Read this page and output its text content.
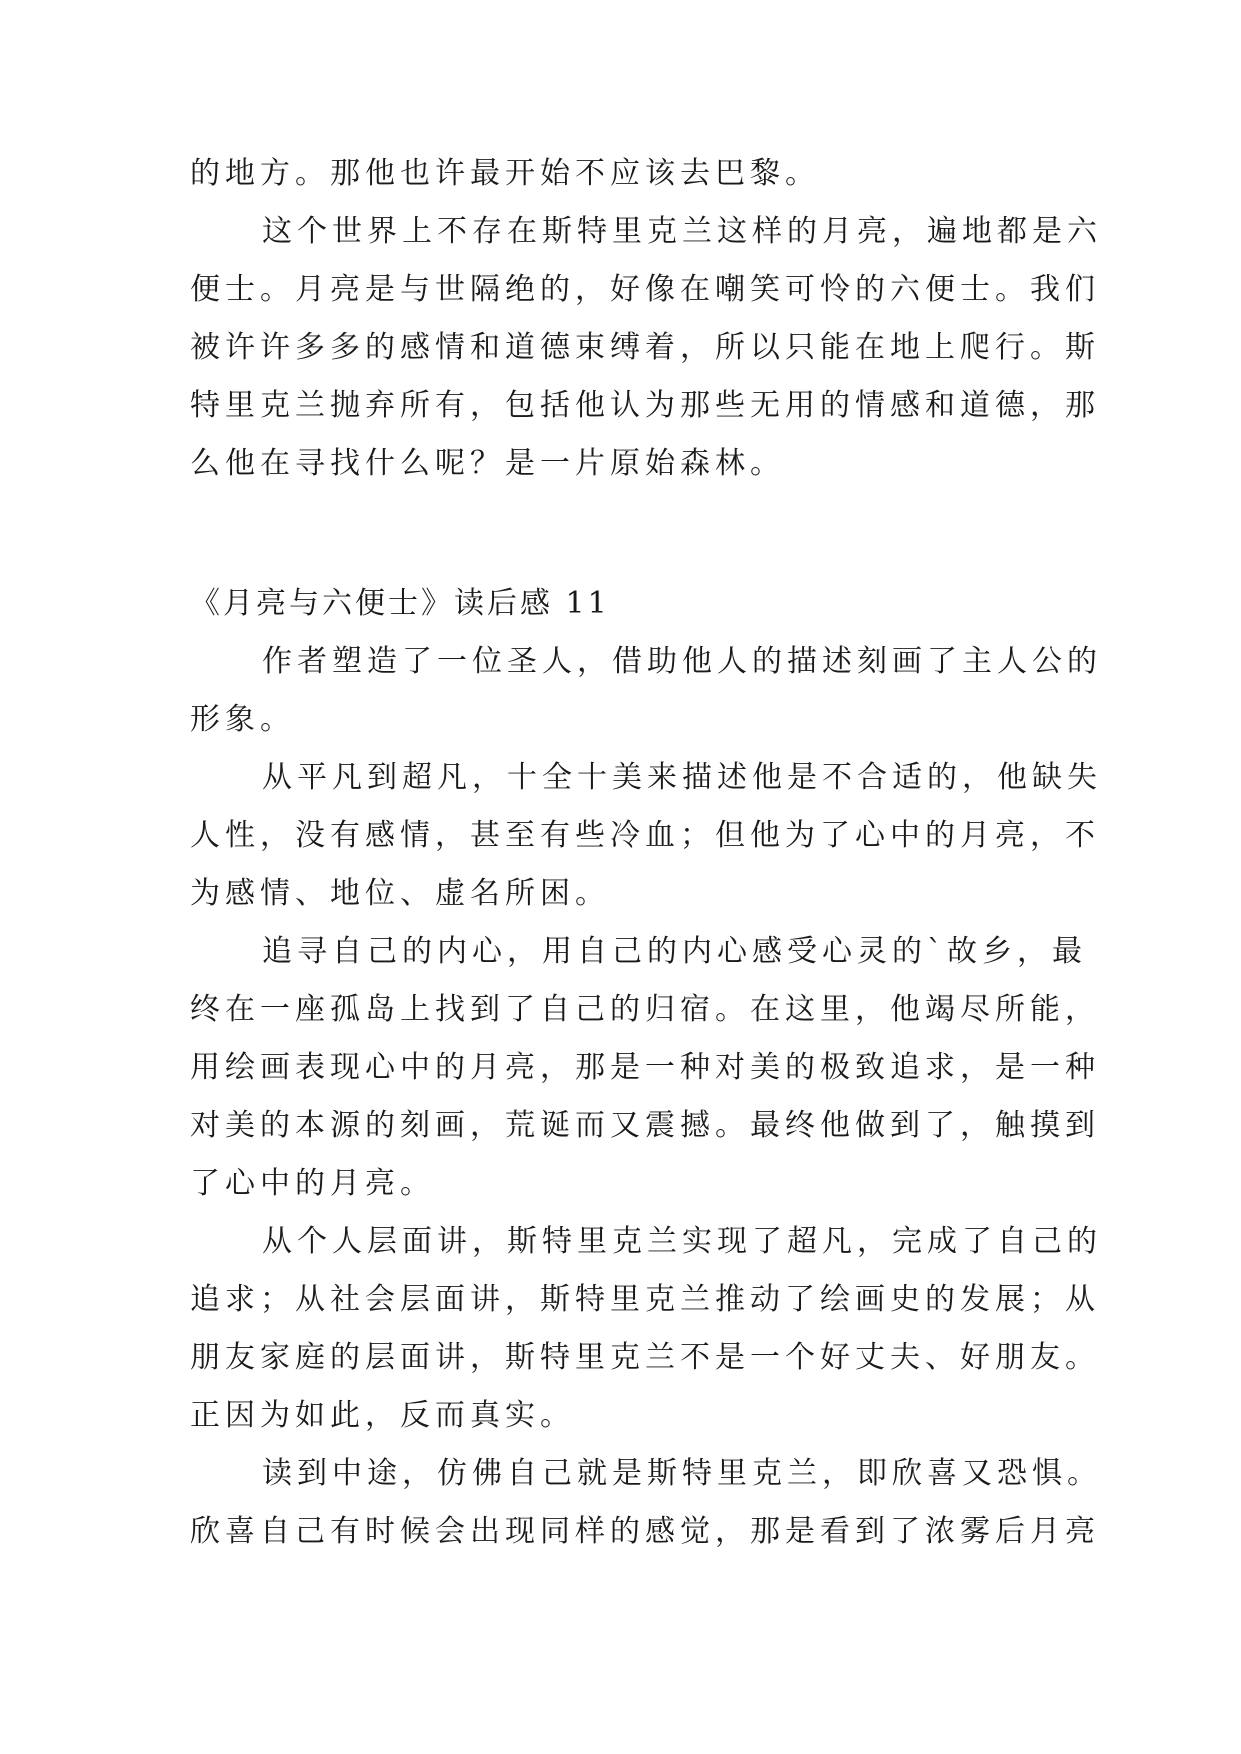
的地方。那他也许最开始不应该去巴黎。
这个世界上不存在斯特里克兰这样的月亮，遍地都是六
便士。月亮是与世隔绝的，好像在嘲笑可怜的六便士。我们
被许许多多的感情和道德束缚着，所以只能在地上爬行。斯
特里克兰抛弃所有，包括他认为那些无用的情感和道德，那
么他在寻找什么呢？是一片原始森林。
《月亮与六便士》读后感 11
作者塑造了一位圣人，借助他人的描述刻画了主人公的
形象。
从平凡到超凡，十全十美来描述他是不合适的，他缺失
人性，没有感情，甚至有些冷血；但他为了心中的月亮，不
为感情、地位、虚名所困。
追寻自己的内心，用自己的内心感受心灵的`故乡，最
终在一座孤岛上找到了自己的归宿。在这里，他竭尽所能，
用绘画表现心中的月亮，那是一种对美的极致追求，是一种
对美的本源的刻画，荒诞而又震撼。最终他做到了，触摸到
了心中的月亮。
从个人层面讲，斯特里克兰实现了超凡，完成了自己的
追求；从社会层面讲，斯特里克兰推动了绘画史的发展；从
朋友家庭的层面讲，斯特里克兰不是一个好丈夫、好朋友。
正因为如此，反而真实。
读到中途，仿佛自己就是斯特里克兰，即欣喜又恐惧。
欣喜自己有时候会出现同样的感觉，那是看到了浓雾后月亮
